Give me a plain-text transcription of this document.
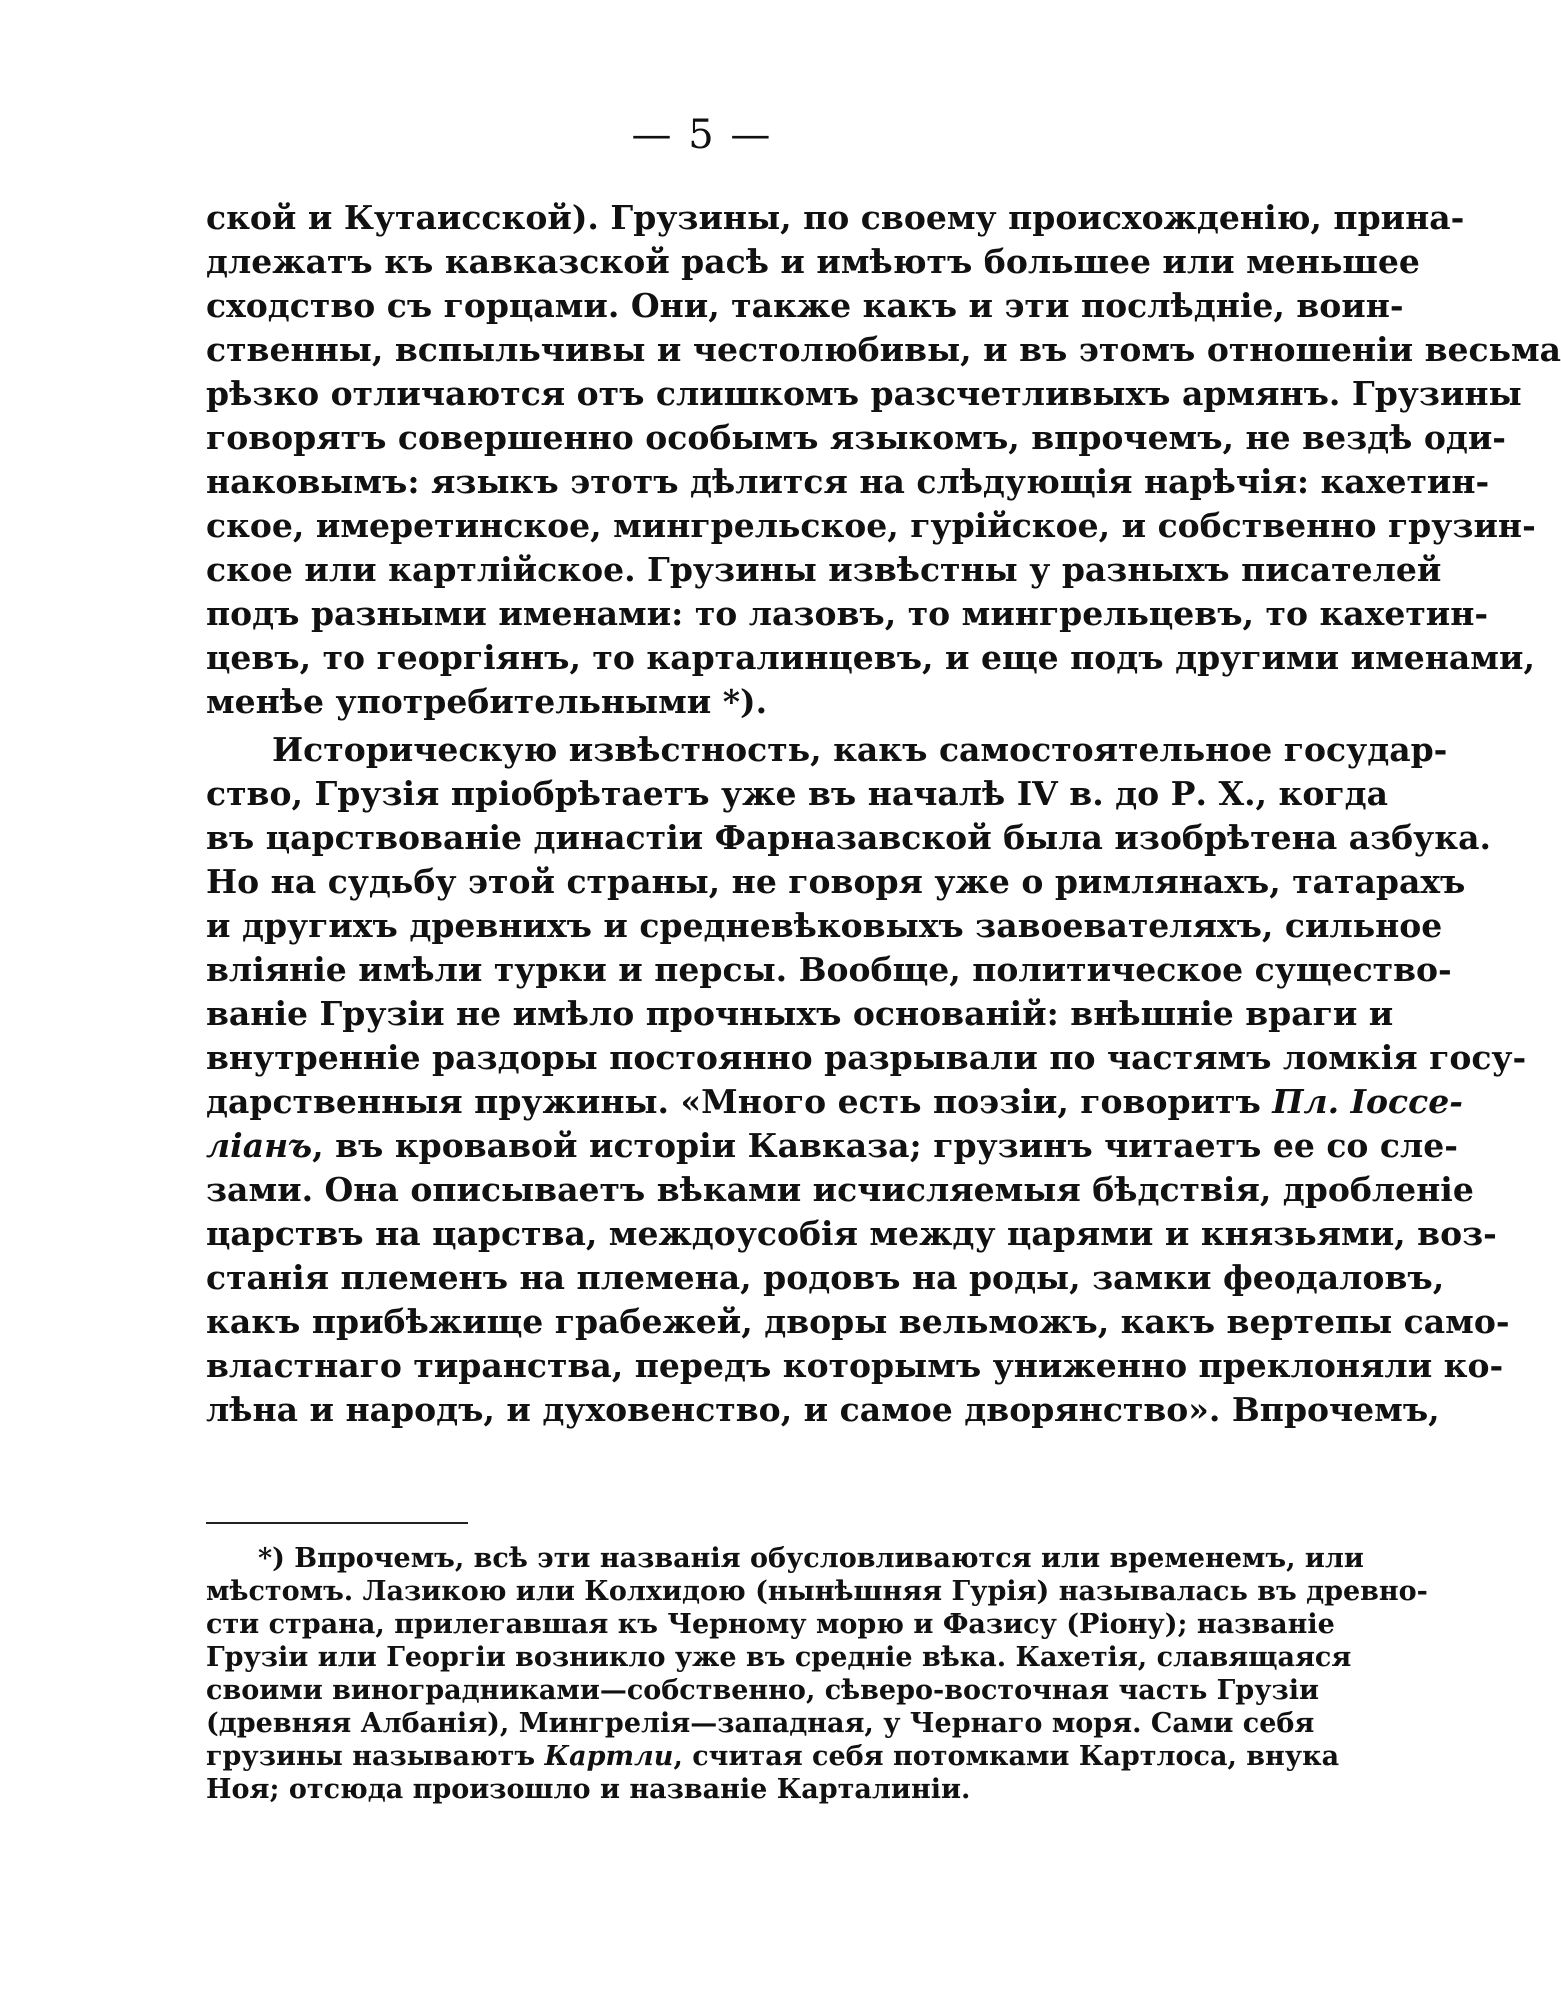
— 5 —
ской и Кутаисской). Грузины, по своему происхожденію, прина-
длежатъ къ кавказской расѣ и имѣютъ большее или меньшее
сходство съ горцами. Они, также какъ и эти послѣдніе, воин-
ственны, вспыльчивы и честолюбивы, и въ этомъ отношеніи весьма
рѣзко отличаются отъ слишкомъ разсчетливыхъ армянъ. Грузины
говорятъ совершенно особымъ языкомъ, впрочемъ, не вездѣ оди-
наковымъ: языкъ этотъ дѣлится на слѣдующія нарѣчія: кахетин-
ское, имеретинское, мингрельское, гурійское, и собственно грузин-
ское или картлійское. Грузины извѣстны у разныхъ писателей
подъ разными именами: то лазовъ, то мингрельцевъ, то кахетин-
цевъ, то георгіянъ, то карталинцевъ, и еще подъ другими именами,
менѣе употребительными *).
Историческую извѣстность, какъ самостоятельное государ-
ство, Грузія пріобрѣтаетъ уже въ началѣ IV в. до Р. Х., когда
въ царствованіе династіи Фарназавской была изобрѣтена азбука.
Но на судьбу этой страны, не говоря уже о римлянахъ, татарахъ
и другихъ древнихъ и средневѣковыхъ завоевателяхъ, сильное
вліяніе имѣли турки и персы. Вообще, политическое существо-
ваніе Грузіи не имѣло прочныхъ основаній: внѣшніе враги и
внутренніе раздоры постоянно разрывали по частямъ ломкія госу-
дарственныя пружины. «Много есть поэзіи, говоритъ Пл. Іоссе-
ліанъ, въ кровавой исторіи Кавказа; грузинъ читаетъ ее со сле-
зами. Она описываетъ вѣками исчисляемыя бѣдствія, дробленіе
царствъ на царства, междоусобія между царями и князьями, воз-
станія племенъ на племена, родовъ на роды, замки феодаловъ,
какъ прибѣжище грабежей, дворы вельможъ, какъ вертепы само-
властнаго тиранства, передъ которымъ униженно преклоняли ко-
лѣна и народъ, и духовенство, и самое дворянство». Впрочемъ,
*) Впрочемъ, всѣ эти названія обусловливаются или временемъ, или
мѣстомъ. Лазикою или Колхидою (нынѣшняя Гурія) называлась въ древно-
сти страна, прилегавшая къ Черному морю и Фазису (Ріону); названіе
Грузіи или Георгіи возникло уже въ средніе вѣка. Кахетія, славящаяся
своими виноградниками—собственно, сѣверо-восточная часть Грузіи
(древняя Албанія), Мингрелія—западная, у Чернаго моря. Сами себя
грузины называютъ Картли, считая себя потомками Картлоса, внука
Ноя; отсюда произошло и названіе Карталиніи.
